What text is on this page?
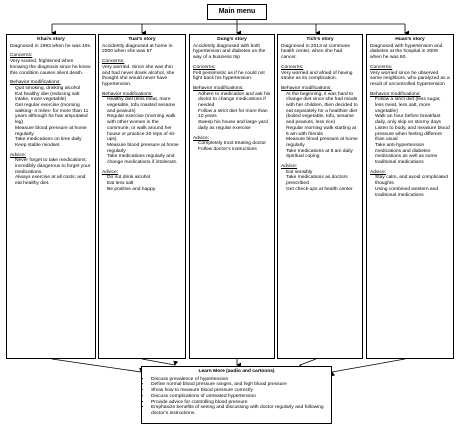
Main menu
Khai’s story
Diagnosed in 1993 when he was 40s.
Concerns:
Very scared, frightened when knowing the diagnosis since he knew this condition causes silent death.
Behavior modifications:
• Quit smoking, drinking alcohol
• Eat healthy diet (reducing salt intake, more vegetable)
• Get regular exercise (morning walking- 4 miles- for more than 11 years although he has amputated leg)
• Measure blood pressure at home regularly
• Take medications on time daily
• Keep stable mindset
Advice:
• Never forget to take medications; incredibly dangerous to forget your medications.
• Always exercise at all costs; and eat healthy diet.
Tuat’s story
Accidently diagnosed at home in 2000 when she was 67
Concerns:
Very worried. Since she was thin and had never drank alcohol, she thought she would never have hypertension.
Behavior modifications:
• Healthy diet (less meat, more vegetable, tofu roasted sesame and peanuts)
• Regular exercise (morning walk with other women in the commune, or walk around her house or practice 20 reps of sit-ups)
• Measure blood pressure at home regularly
• Take medications regularly and change medications if intolerant.
Advice:
• Do not drink alcohol
• Eat less salt
• Be positive and happy.
Dung’s story
Accidently diagnosed with both hypertension and diabetes on the way of a business trip
Concerns:
Felt pessimistic as if he could not fight back his hypertension.
Behavior modifications:
• Adhere to medication and ask his doctor to change medications if needed
• Follow a strict diet for more than 10 years
• Sweep his house and large yard daily as regular exercise
Advice:
• Completely trust treating doctor
• Follow doctor’s instructions
Tich’s story
Diagnosed in 2013 at commune health center, when she had cancer.
Concerns:
Very worried and afraid of having stroke as its complication.
Behavior modifications:
• At the beginning, it was hard to change diet since she had meals with her children, then decided to eat separately for a healthier diet (boiled vegetable, tofu, sesame and peanuts, less rice)
• Regular morning walk starting at 5 am with friends
• Measure blood pressure at home regularly
• Take medications at 8 am daily
• Spiritual coping
Advice:
• Eat sensibly
• Take medications as doctors prescribed
• Get check-ups at health center
Huan’s story
Diagnosed with hypertension and diabetes at the hospital in 2009 when he was 60.
Concerns:
Very worried since he observed some neighbors, who paralyzed as a result of uncontrolled hypertension
Behavior modifications:
• Follow a strict diet (less sugar, less meat, less salt, more vegetable)
• Walk an hour before breakfast daily, only skip on stormy days
• Listen to body, and measure blood pressure when feeling different than usual
• Take anti-hypertension medications and diabetes medications as well as some traditional medications
Advice:
• Stay calm, and avoid complicated thoughts
• Using combined western and traditional medications
Learn More (audio and cartoons)
• Discuss prevalence of hypertension
• Define normal blood pressure ranges, and high blood pressure
• Show how to measure blood pressure correctly
• Discuss complications of untreated hypertension
• Provide advice for controlling blood pressure
• Emphasize benefits of seeing and discussing with doctor regularly and following doctor’s instructions.
